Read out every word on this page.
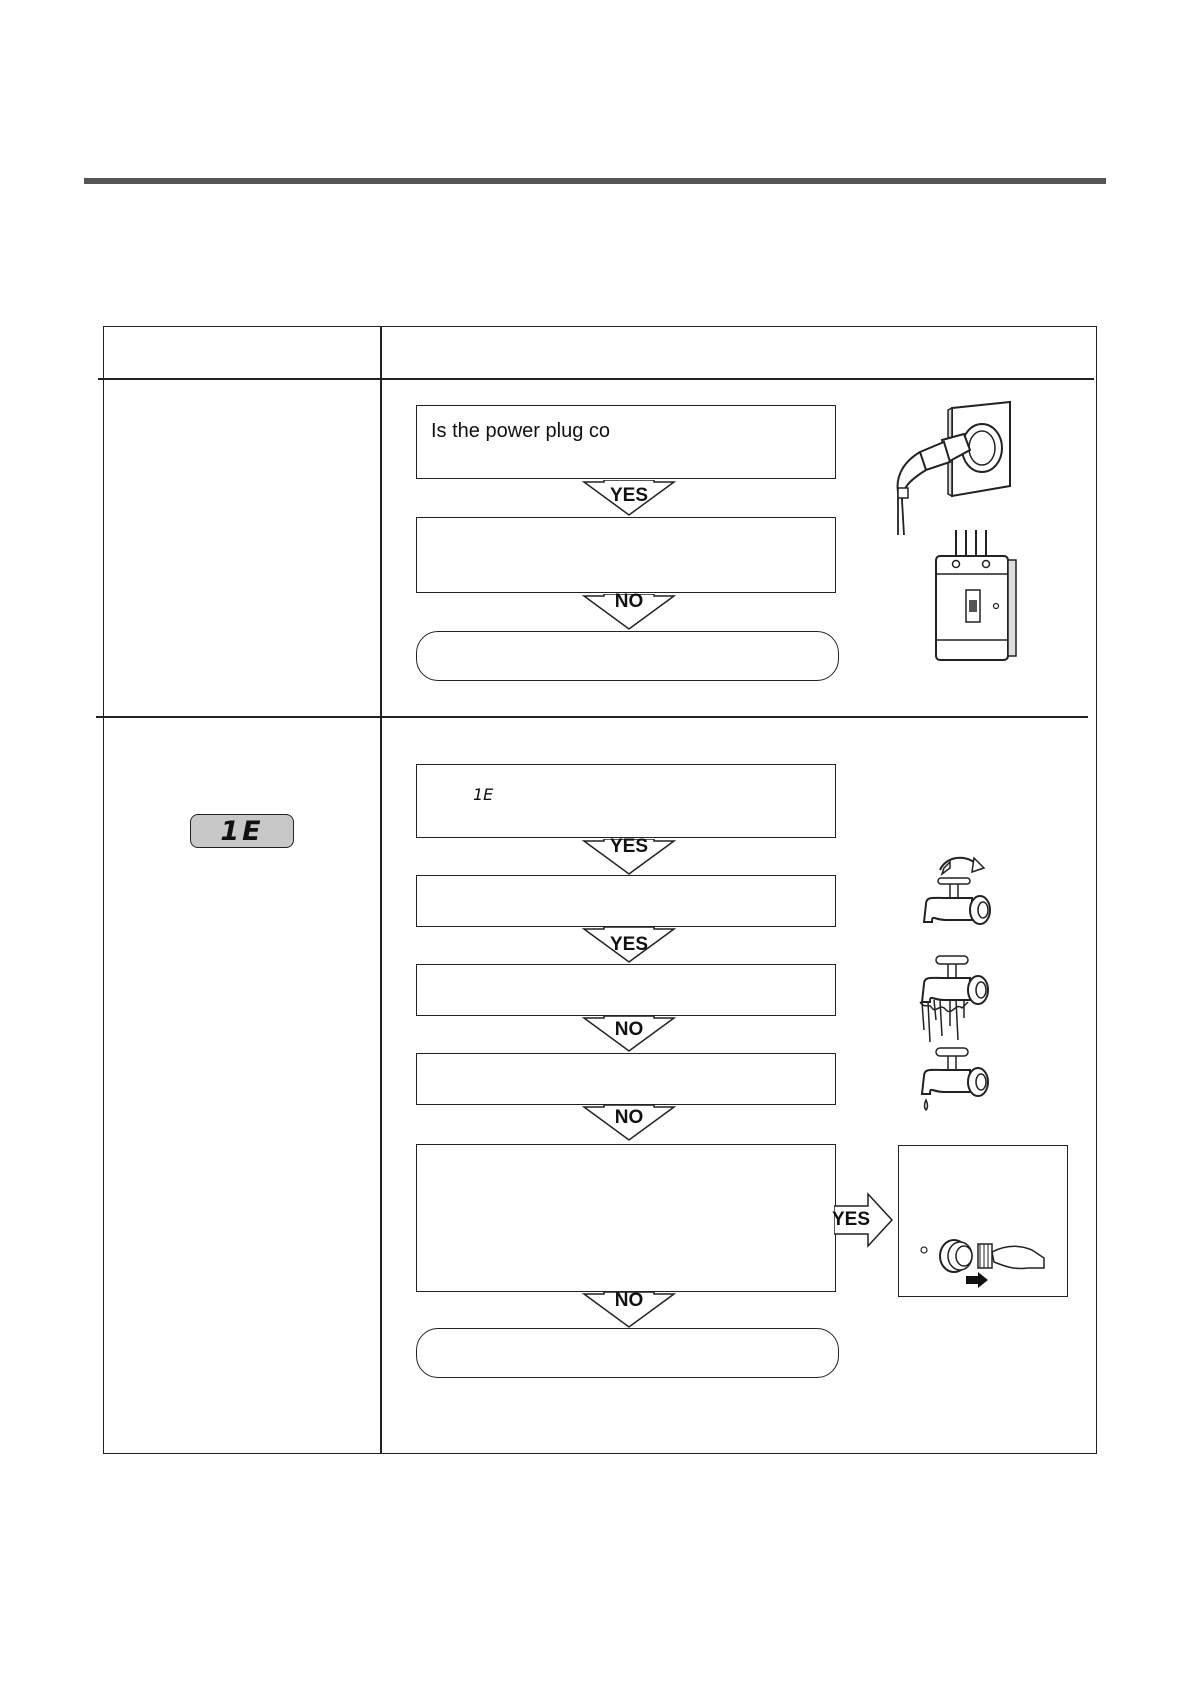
Is the power plug co
YES
NO
1E
1E
YES
YES
NO
NO
YES
NO
